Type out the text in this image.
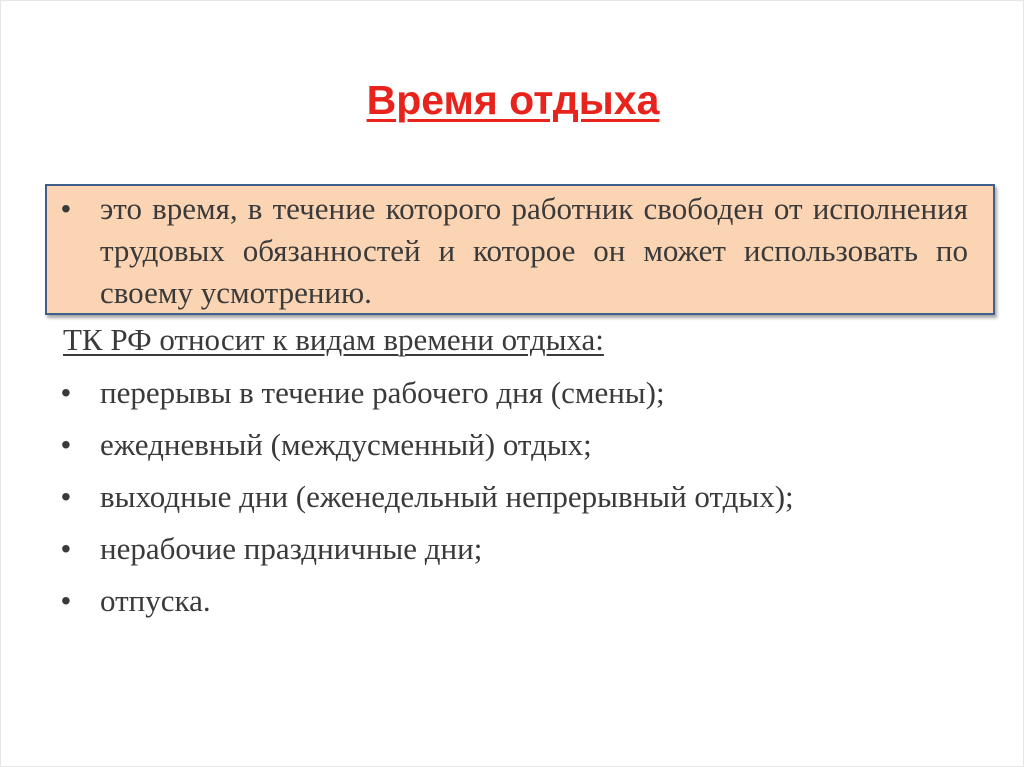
Время отдыха
• это время, в течение которого работник свободен от исполнения трудовых обязанностей и которое он может использовать по своему усмотрению.
ТК РФ относит к видам времени отдыха:
• перерывы в течение рабочего дня (смены);
• ежедневный (междусменный) отдых;
• выходные дни (еженедельный непрерывный отдых);
• нерабочие праздничные дни;
• отпуска.
